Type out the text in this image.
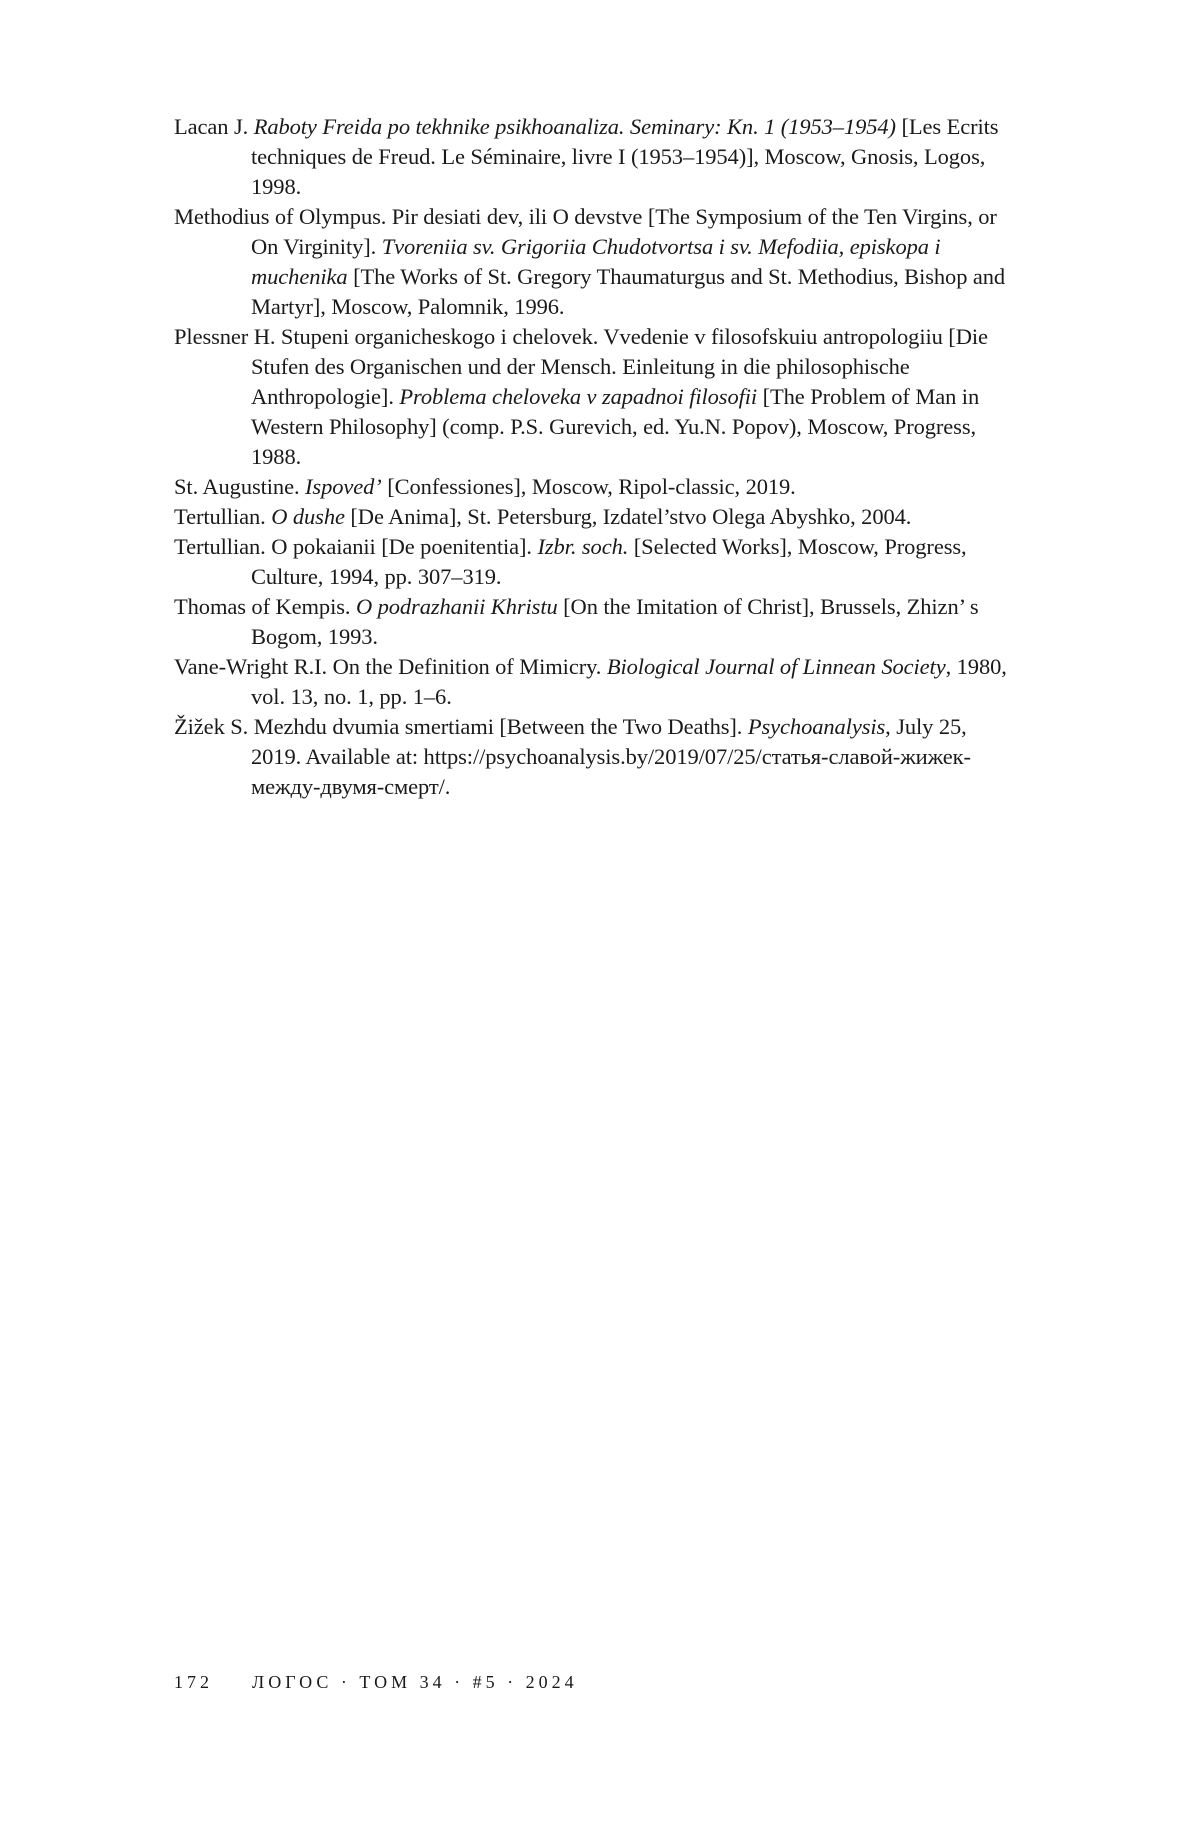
Lacan J. Raboty Freida po tekhnike psikhoanaliza. Seminary: Kn. 1 (1953–1954) [Les Ecrits techniques de Freud. Le Séminaire, livre I (1953–1954)], Moscow, Gnosis, Logos, 1998.

Methodius of Olympus. Pir desiati dev, ili O devstve [The Symposium of the Ten Virgins, or On Virginity]. Tvoreniia sv. Grigoriia Chudotvortsa i sv. Mefodiia, episkopa i muchenika [The Works of St. Gregory Thaumaturgus and St. Methodius, Bishop and Martyr], Moscow, Palomnik, 1996.

Plessner H. Stupeni organicheskogo i chelovek. Vvedenie v filosofskuiu antropologiiu [Die Stufen des Organischen und der Mensch. Einleitung in die philosophische Anthropologie]. Problema cheloveka v zapadnoi filosofii [The Problem of Man in Western Philosophy] (comp. P.S. Gurevich, ed. Yu.N. Popov), Moscow, Progress, 1988.

St. Augustine. Ispoved’ [Confessiones], Moscow, Ripol-classic, 2019.

Tertullian. O dushe [De Anima], St. Petersburg, Izdatel’stvo Olega Abyshko, 2004.

Tertullian. O pokaianii [De poenitentia]. Izbr. soch. [Selected Works], Moscow, Progress, Culture, 1994, pp. 307–319.

Thomas of Kempis. O podrazhanii Khristu [On the Imitation of Christ], Brussels, Zhizn’ s Bogom, 1993.

Vane-Wright R.I. On the Definition of Mimicry. Biological Journal of Linnean Society, 1980, vol. 13, no. 1, pp. 1–6.

Žižek S. Mezhdu dvumia smertiami [Between the Two Deaths]. Psychoanalysis, July 25, 2019. Available at: https://psychoanalysis.by/2019/07/25/статья-славой-жижек-между-двумя-смерт/.

172 ЛОГОС · ТОМ 34 · #5 · 2024
